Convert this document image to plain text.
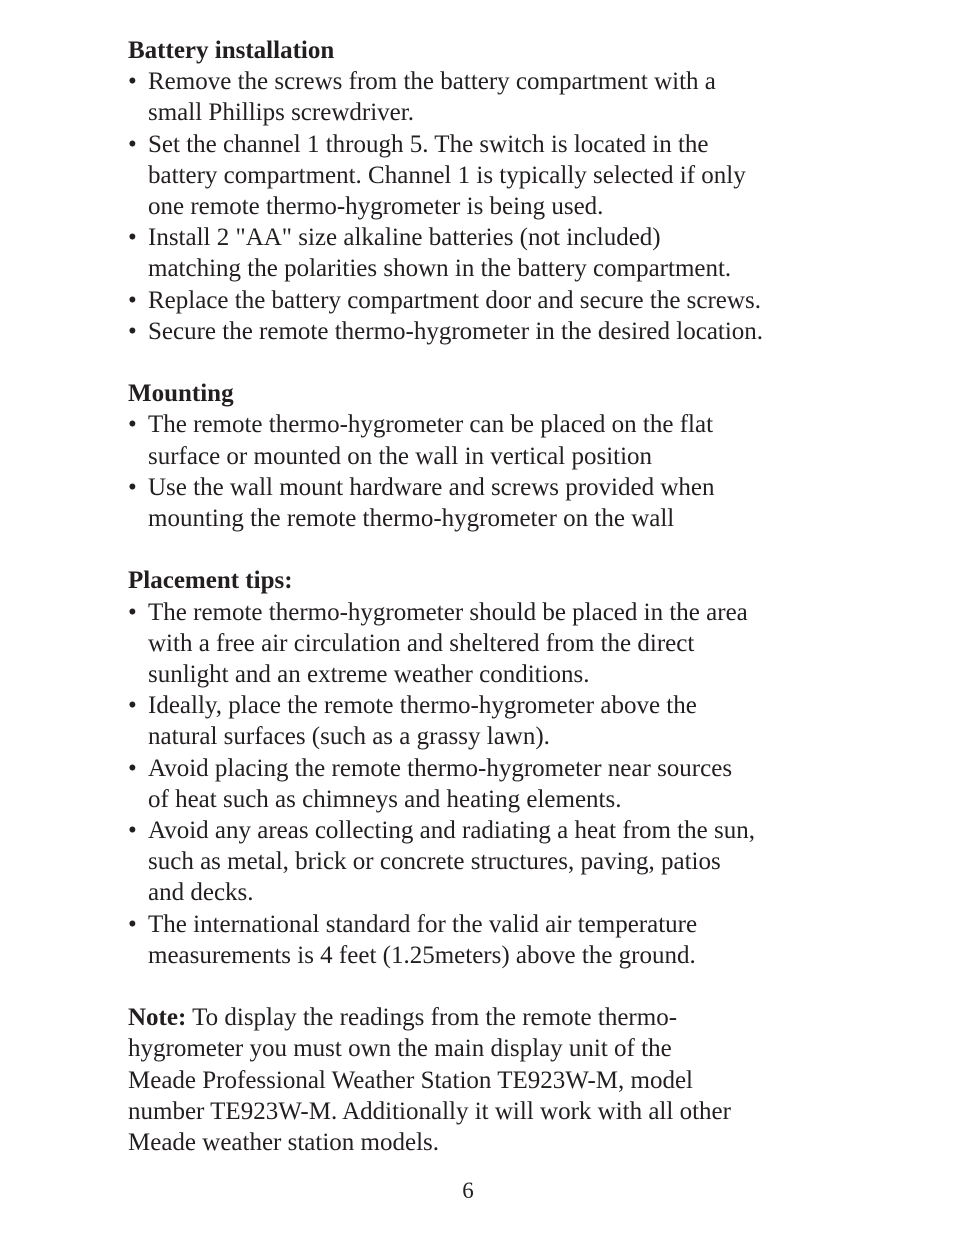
Battery installation
• Remove the screws from the battery compartment with a
small Phillips screwdriver.
• Set the channel 1 through 5. The switch is located in the
battery compartment. Channel 1 is typically selected if only
one remote thermo-hygrometer is being used.
• Install 2 "AA" size alkaline batteries (not included)
matching the polarities shown in the battery compartment.
• Replace the battery compartment door and secure the screws.
• Secure the remote thermo-hygrometer in the desired location.
Mounting
• The remote thermo-hygrometer can be placed on the flat
surface or mounted on the wall in vertical position
• Use the wall mount hardware and screws provided when
mounting the remote thermo-hygrometer on the wall
Placement tips:
• The remote thermo-hygrometer should be placed in the area
with a free air circulation and sheltered from the direct
sunlight and an extreme weather conditions.
• Ideally, place the remote thermo-hygrometer above the
natural surfaces (such as a grassy lawn).
• Avoid placing the remote thermo-hygrometer near sources
of heat such as chimneys and heating elements.
• Avoid any areas collecting and radiating a heat from the sun,
such as metal, brick or concrete structures, paving, patios
and decks.
• The international standard for the valid air temperature
measurements is 4 feet (1.25meters) above the ground.
Note: To display the readings from the remote thermo-
hygrometer you must own the main display unit of the
Meade Professional Weather Station TE923W-M, model
number TE923W-M. Additionally it will work with all other
Meade weather station models.
6
